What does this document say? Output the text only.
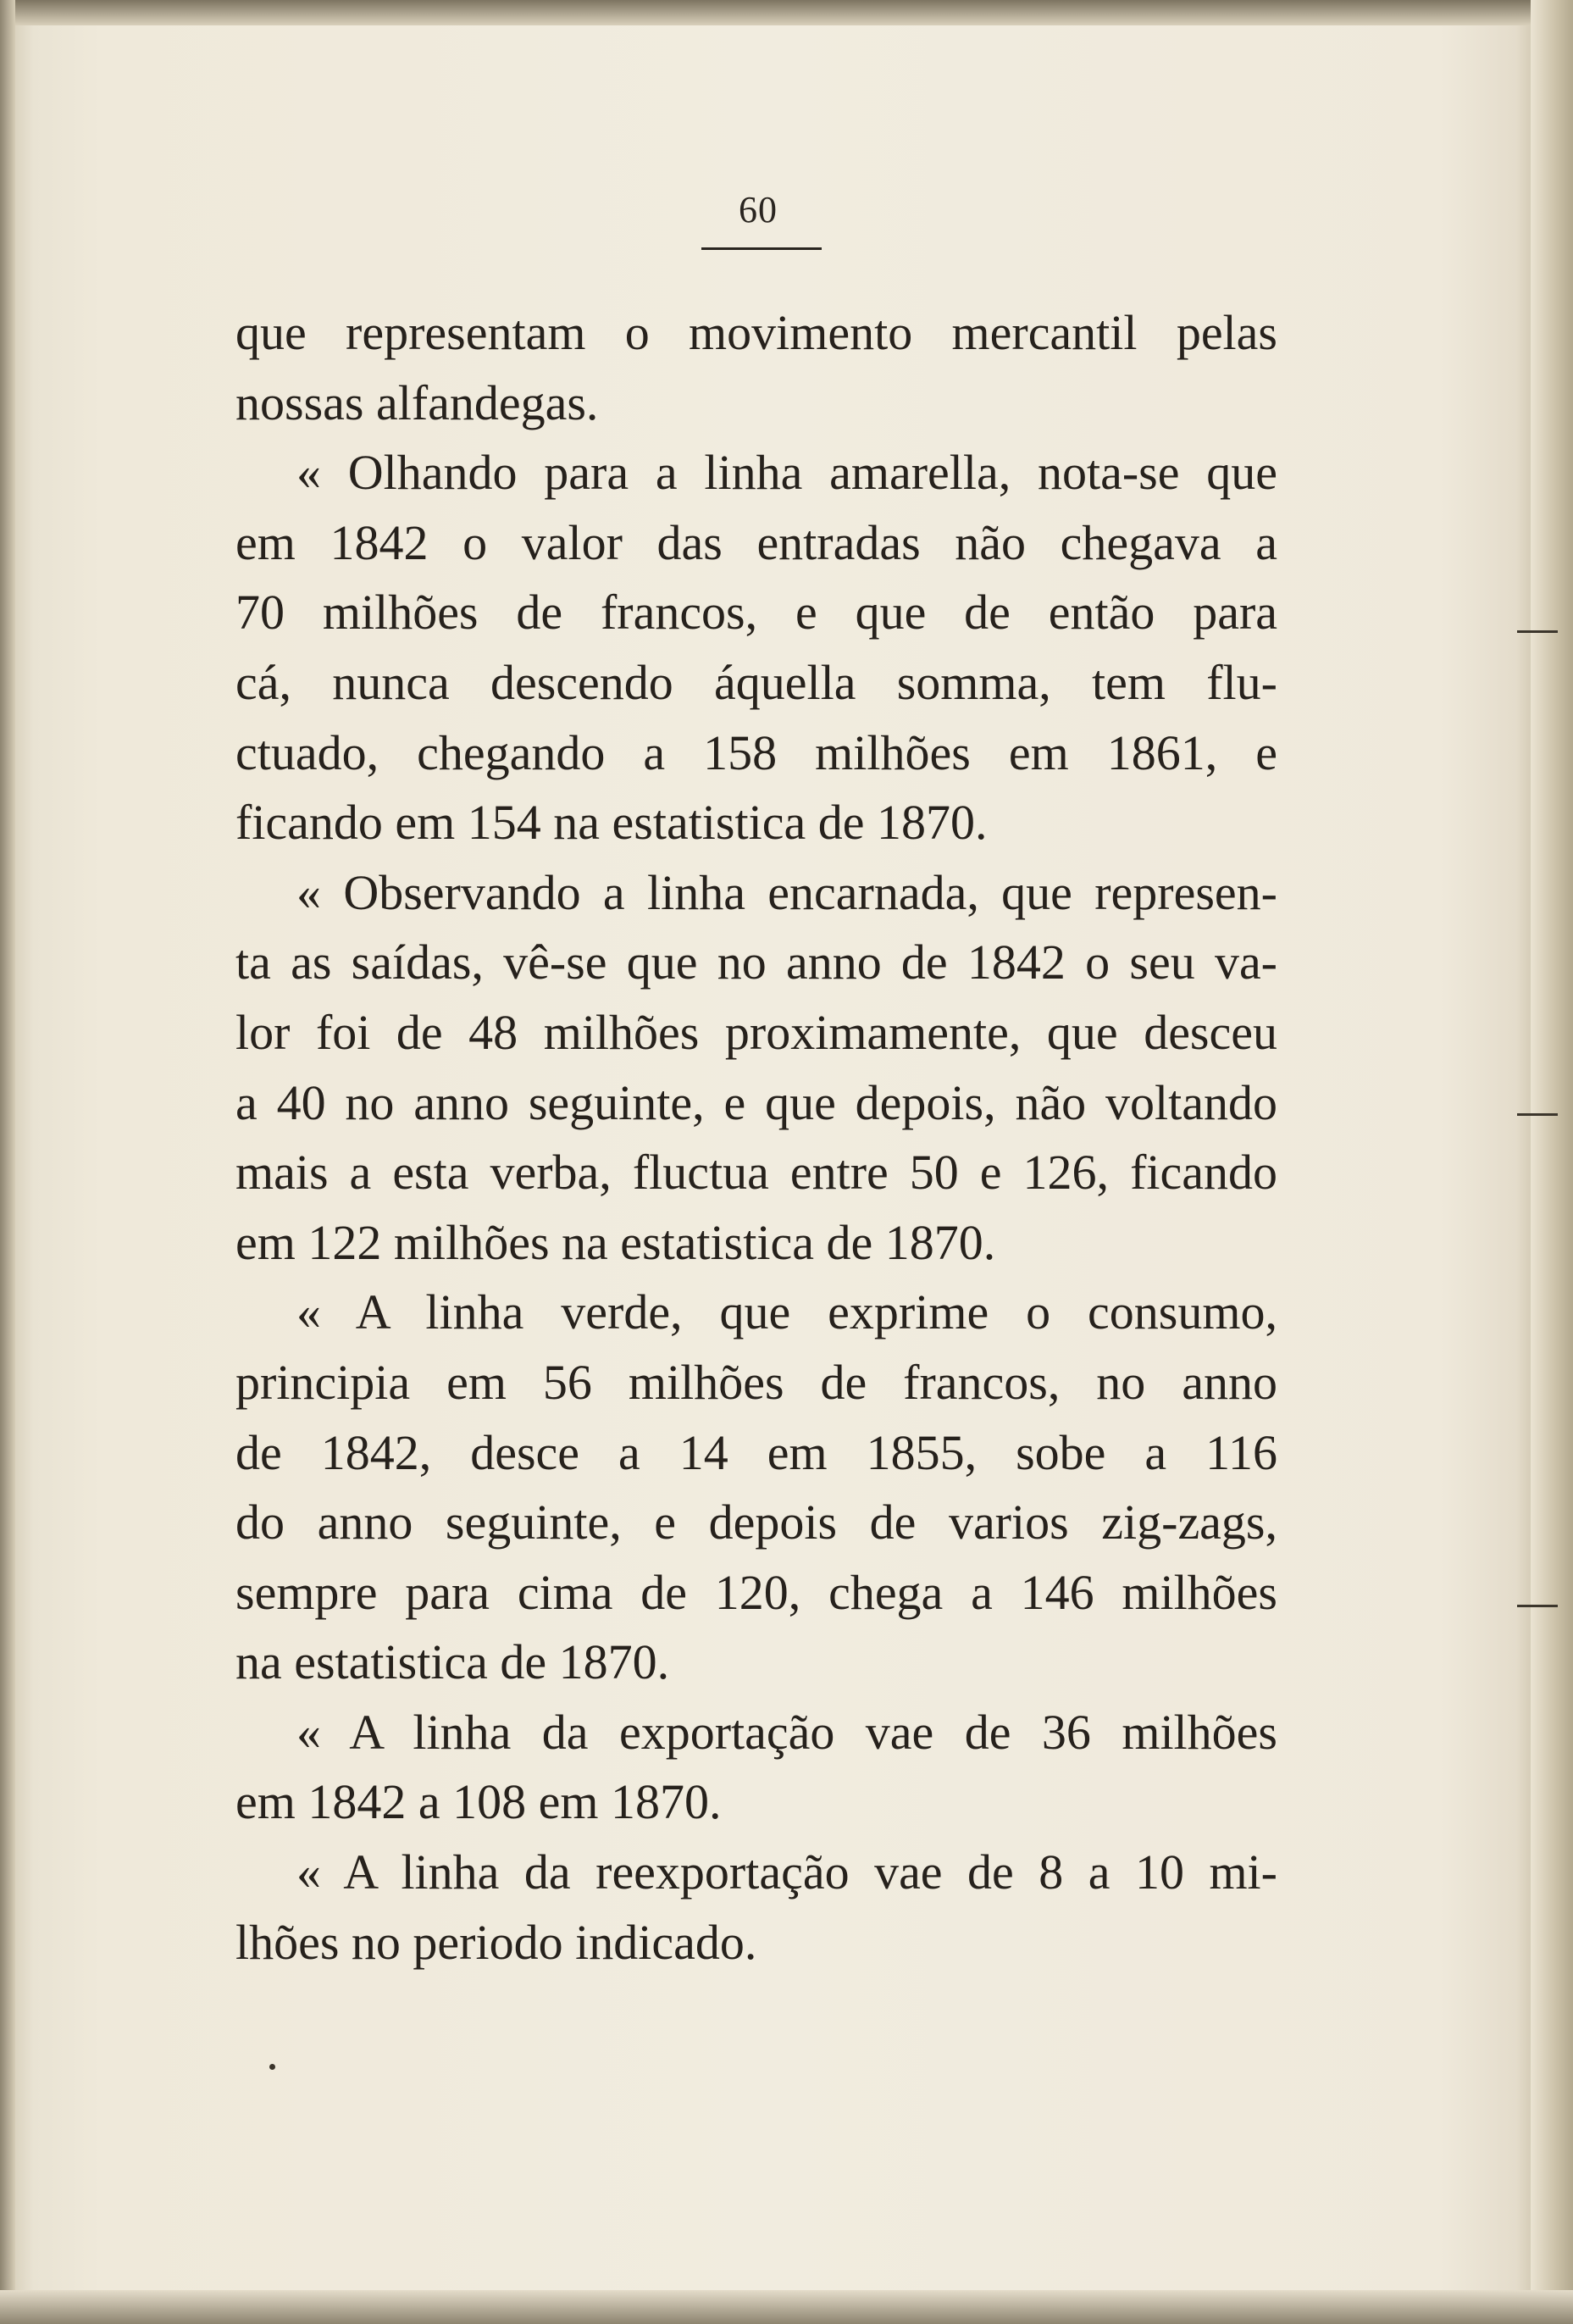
60
que representam o movimento mercantil pelas
nossas alfandegas.
« Olhando para a linha amarella, nota-se que
em 1842 o valor das entradas não chegava a
70 milhões de francos, e que de então para
cá, nunca descendo áquella somma, tem flu-
ctuado, chegando a 158 milhões em 1861, e
ficando em 154 na estatistica de 1870.
« Observando a linha encarnada, que represen-
ta as saídas, vê-se que no anno de 1842 o seu va-
lor foi de 48 milhões proximamente, que desceu
a 40 no anno seguinte, e que depois, não voltando
mais a esta verba, fluctua entre 50 e 126, ficando
em 122 milhões na estatistica de 1870.
« A linha verde, que exprime o consumo,
principia em 56 milhões de francos, no anno
de 1842, desce a 14 em 1855, sobe a 116
do anno seguinte, e depois de varios zig-zags,
sempre para cima de 120, chega a 146 milhões
na estatistica de 1870.
« A linha da exportação vae de 36 milhões
em 1842 a 108 em 1870.
« A linha da reexportação vae de 8 a 10 mi-
lhões no periodo indicado.
